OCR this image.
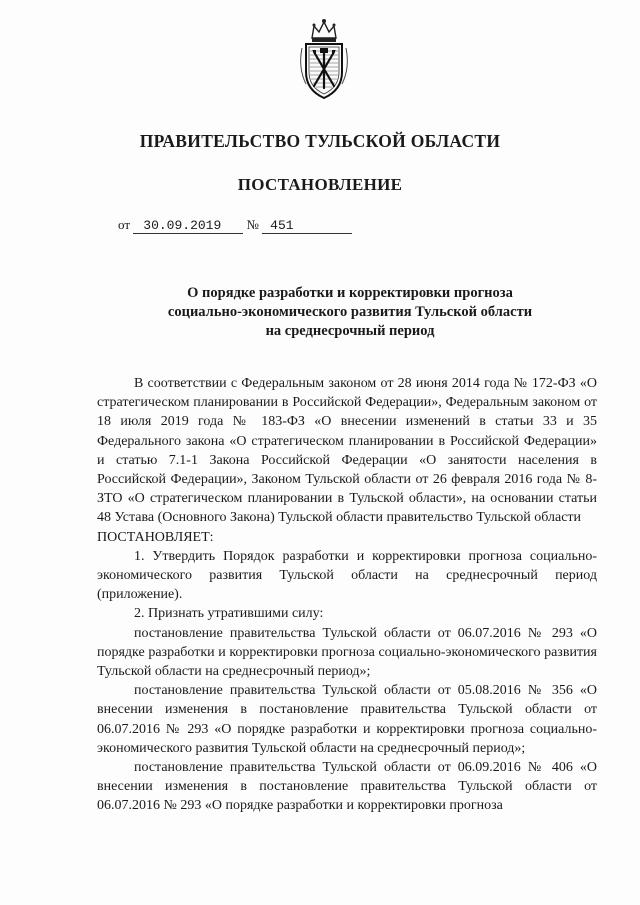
ПРАВИТЕЛЬСТВО ТУЛЬСКОЙ ОБЛАСТИ
ПОСТАНОВЛЕНИЕ
от 30.09.2019 № 451
О порядке разработки и корректировки прогноза
социально-экономического развития Тульской области
на среднесрочный период

В соответствии с Федеральным законом от 28 июня 2014 года № 172-ФЗ «О стратегическом планировании в Российской Федерации», Федеральным законом от 18 июля 2019 года № 183-ФЗ «О внесении изменений в статьи 33 и 35 Федерального закона «О стратегическом планировании в Российской Федерации» и статью 7.1-1 Закона Российской Федерации «О занятости населения в Российской Федерации», Законом Тульской области от 26 февраля 2016 года № 8-ЗТО «О стратегическом планировании в Тульской области», на основании статьи 48 Устава (Основного Закона) Тульской области правительство Тульской области

ПОСТАНОВЛЯЕТ:

1. Утвердить Порядок разработки и корректировки прогноза социально-экономического развития Тульской области на среднесрочный период (приложение).

2. Признать утратившими силу:

постановление правительства Тульской области от 06.07.2016 № 293 «О порядке разработки и корректировки прогноза социально-экономического развития Тульской области на среднесрочный период»;

постановление правительства Тульской области от 05.08.2016 № 356 «О внесении изменения в постановление правительства Тульской области от 06.07.2016 № 293 «О порядке разработки и корректировки прогноза социально-экономического развития Тульской области на среднесрочный период»;

постановление правительства Тульской области от 06.09.2016 № 406 «О внесении изменения в постановление правительства Тульской области от 06.07.2016 № 293 «О порядке разработки и корректировки прогноза
